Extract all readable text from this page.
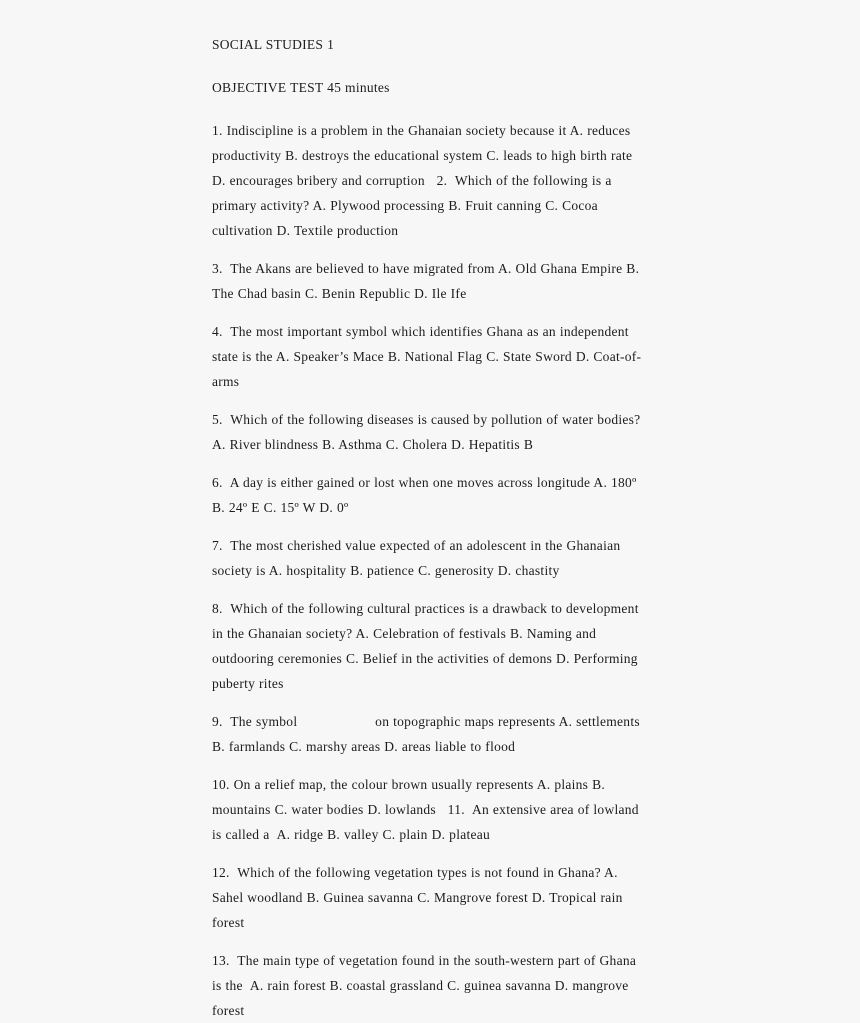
SOCIAL STUDIES 1

OBJECTIVE TEST 45 minutes

1. Indiscipline is a problem in the Ghanaian society because it A. reduces productivity B. destroys the educational system C. leads to high birth rate D. encourages bribery and corruption   2.  Which of the following is a primary activity? A. Plywood processing B. Fruit canning C. Cocoa cultivation D. Textile production

3.  The Akans are believed to have migrated from A. Old Ghana Empire B. The Chad basin C. Benin Republic D. Ile Ife

4.  The most important symbol which identifies Ghana as an independent state is the A. Speaker’s Mace B. National Flag C. State Sword D. Coat-of-arms

5.  Which of the following diseases is caused by pollution of water bodies? A. River blindness B. Asthma C. Cholera D. Hepatitis B

6.  A day is either gained or lost when one moves across longitude A. 180º B. 24º E C. 15º W D. 0º

7.  The most cherished value expected of an adolescent in the Ghanaian society is A. hospitality B. patience C. generosity D. chastity

8.  Which of the following cultural practices is a drawback to development in the Ghanaian society? A. Celebration of festivals B. Naming and outdooring ceremonies C. Belief in the activities of demons D. Performing puberty rites

9.  The symbol	on topographic maps represents A. settlements B. farmlands C. marshy areas D. areas liable to flood

10. On a relief map, the colour brown usually represents A. plains B. mountains C. water bodies D. lowlands   11.  An extensive area of lowland is called a  A. ridge B. valley C. plain D. plateau

12.  Which of the following vegetation types is not found in Ghana? A. Sahel woodland B. Guinea savanna C. Mangrove forest D. Tropical rain forest

13.  The main type of vegetation found in the south-western part of Ghana is the  A. rain forest B. coastal grassland C. guinea savanna D. mangrove forest
